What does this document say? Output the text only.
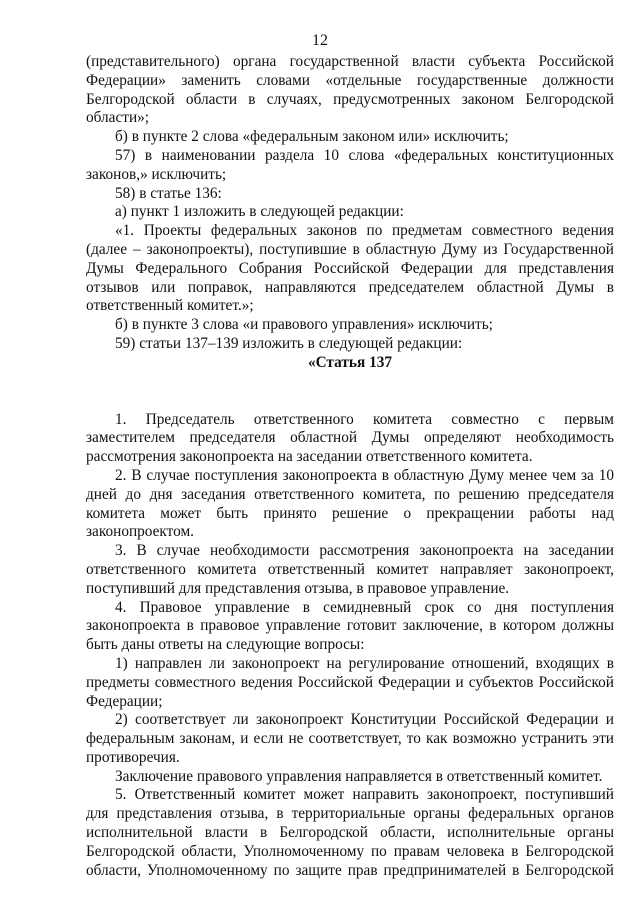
12

(представительного) органа государственной власти субъекта Российской Федерации» заменить словами «отдельные государственные должности Белгородской области в случаях, предусмотренных законом Белгородской области»;

б) в пункте 2 слова «федеральным законом или» исключить;

57) в наименовании раздела 10 слова «федеральных конституционных законов,» исключить;

58) в статье 136:

а) пункт 1 изложить в следующей редакции:

«1. Проекты федеральных законов по предметам совместного ведения (далее – законопроекты), поступившие в областную Думу из Государственной Думы Федерального Собрания Российской Федерации для представления отзывов или поправок, направляются председателем областной Думы в ответственный комитет.»;

б) в пункте 3 слова «и правового управления» исключить;

59) статьи 137–139 изложить в следующей редакции:

«Статья 137

1. Председатель ответственного комитета совместно с первым заместителем председателя областной Думы определяют необходимость рассмотрения законопроекта на заседании ответственного комитета.

2. В случае поступления законопроекта в областную Думу менее чем за 10 дней до дня заседания ответственного комитета, по решению председателя комитета может быть принято решение о прекращении работы над законопроектом.

3. В случае необходимости рассмотрения законопроекта на заседании ответственного комитета ответственный комитет направляет законопроект, поступивший для представления отзыва, в правовое управление.

4. Правовое управление в семидневный срок со дня поступления законопроекта в правовое управление готовит заключение, в котором должны быть даны ответы на следующие вопросы:

1) направлен ли законопроект на регулирование отношений, входящих в предметы совместного ведения Российской Федерации и субъектов Российской Федерации;

2) соответствует ли законопроект Конституции Российской Федерации и федеральным законам, и если не соответствует, то как возможно устранить эти противоречия.

Заключение правового управления направляется в ответственный комитет.

5. Ответственный комитет может направить законопроект, поступивший для представления отзыва, в территориальные органы федеральных органов исполнительной власти в Белгородской области, исполнительные органы Белгородской области, Уполномоченному по правам человека в Белгородской области, Уполномоченному по защите прав предпринимателей в Белгородской
